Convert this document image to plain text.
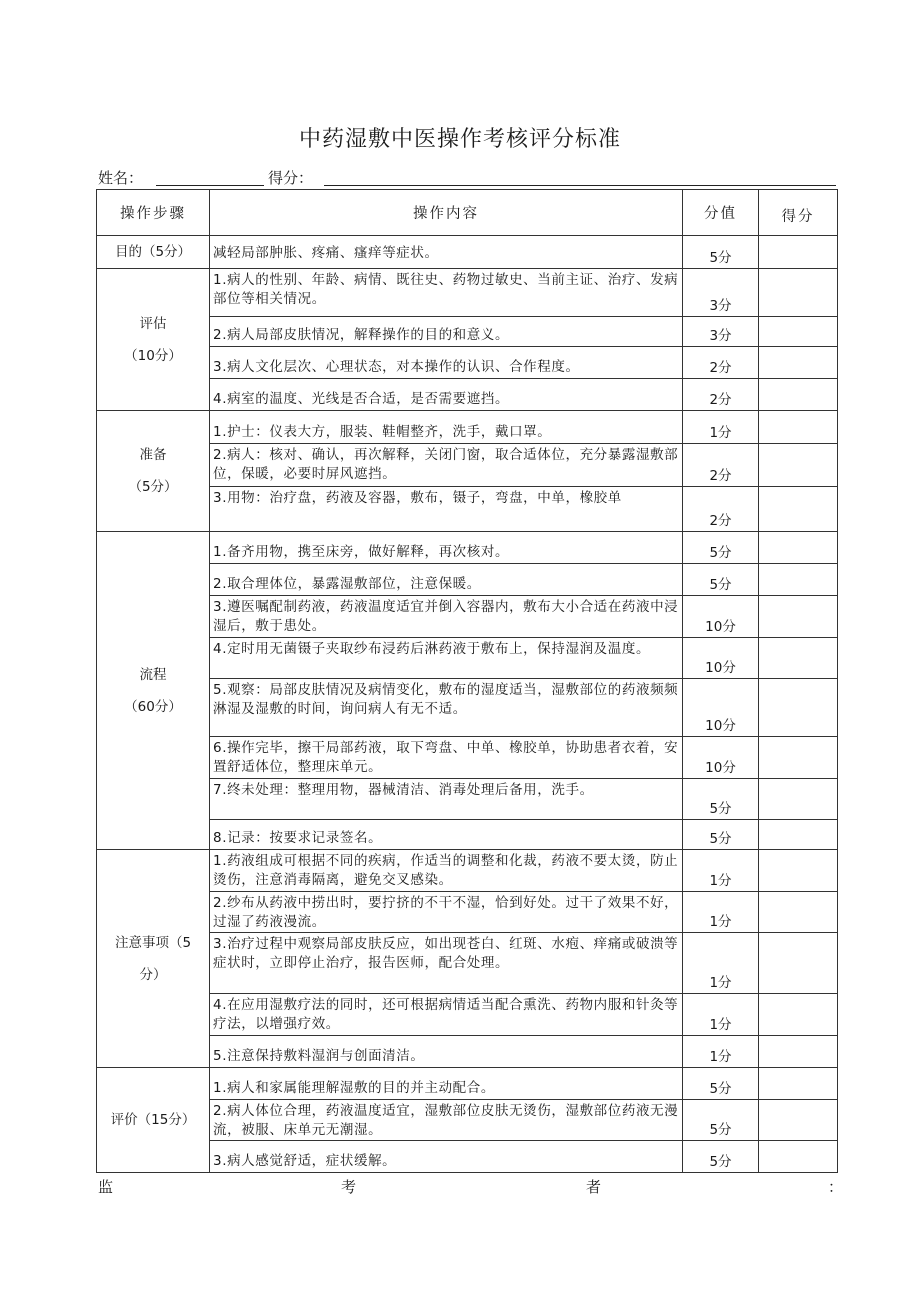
中药湿敷中医操作考核评分标准
姓名：	得分：
操作步骤	操作内容	分值	得分

目的（5分）	减轻局部肿胀、疼痛、瘙痒等症状。	5分	

评估
（10分）	1.病人的性别、年龄、病情、既往史、药物过敏史、当前主证、治疗、发病部位等相关情况。	3分	
	2.病人局部皮肤情况，解释操作的目的和意义。	3分	
	3.病人文化层次、心理状态，对本操作的认识、合作程度。	2分	
	4.病室的温度、光线是否合适，是否需要遮挡。	2分	

准备
（5分）	1.护士：仪表大方，服装、鞋帽整齐，洗手，戴口罩。	1分	
	2.病人：核对、确认，再次解释，关闭门窗，取合适体位，充分暴露湿敷部位，保暖，必要时屏风遮挡。	2分	
	3.用物：治疗盘，药液及容器，敷布，镊子，弯盘，中单，橡胶单	2分	

流程
（60分）	1.备齐用物，携至床旁，做好解释，再次核对。	5分	
	2.取合理体位，暴露湿敷部位，注意保暖。	5分	
	3.遵医嘱配制药液，药液温度适宜并倒入容器内，敷布大小合适在药液中浸湿后，敷于患处。	10分	
	4.定时用无菌镊子夹取纱布浸药后淋药液于敷布上，保持湿润及温度。	10分	
	5.观察：局部皮肤情况及病情变化，敷布的湿度适当，湿敷部位的药液频频淋湿及湿敷的时间，询问病人有无不适。	10分	
	6.操作完毕，擦干局部药液，取下弯盘、中单、橡胶单，协助患者衣着，安置舒适体位，整理床单元。	10分	
	7.终未处理：整理用物，器械清洁、消毒处理后备用，洗手。	5分	
	8.记录：按要求记录签名。	5分	

注意事项（5
分）	1.药液组成可根据不同的疾病，作适当的调整和化裁，药液不要太烫，防止烫伤，注意消毒隔离，避免交叉感染。	1分	
	2.纱布从药液中捞出时，要拧挤的不干不湿，恰到好处。过干了效果不好，过湿了药液漫流。	1分	
	3.治疗过程中观察局部皮肤反应，如出现苍白、红斑、水疱、痒痛或破溃等症状时，立即停止治疗，报告医师，配合处理。	1分	
	4.在应用湿敷疗法的同时，还可根据病情适当配合熏洗、药物内服和针灸等疗法，以增强疗效。	1分	
	5.注意保持敷料湿润与创面清洁。	1分	

评价（15分）	1.病人和家属能理解湿敷的目的并主动配合。	5分	
	2.病人体位合理，药液温度适宜，湿敷部位皮肤无烫伤，湿敷部位药液无漫流，被服、床单元无潮湿。	5分	
	3.病人感觉舒适，症状缓解。	5分	
监	考	者	：
